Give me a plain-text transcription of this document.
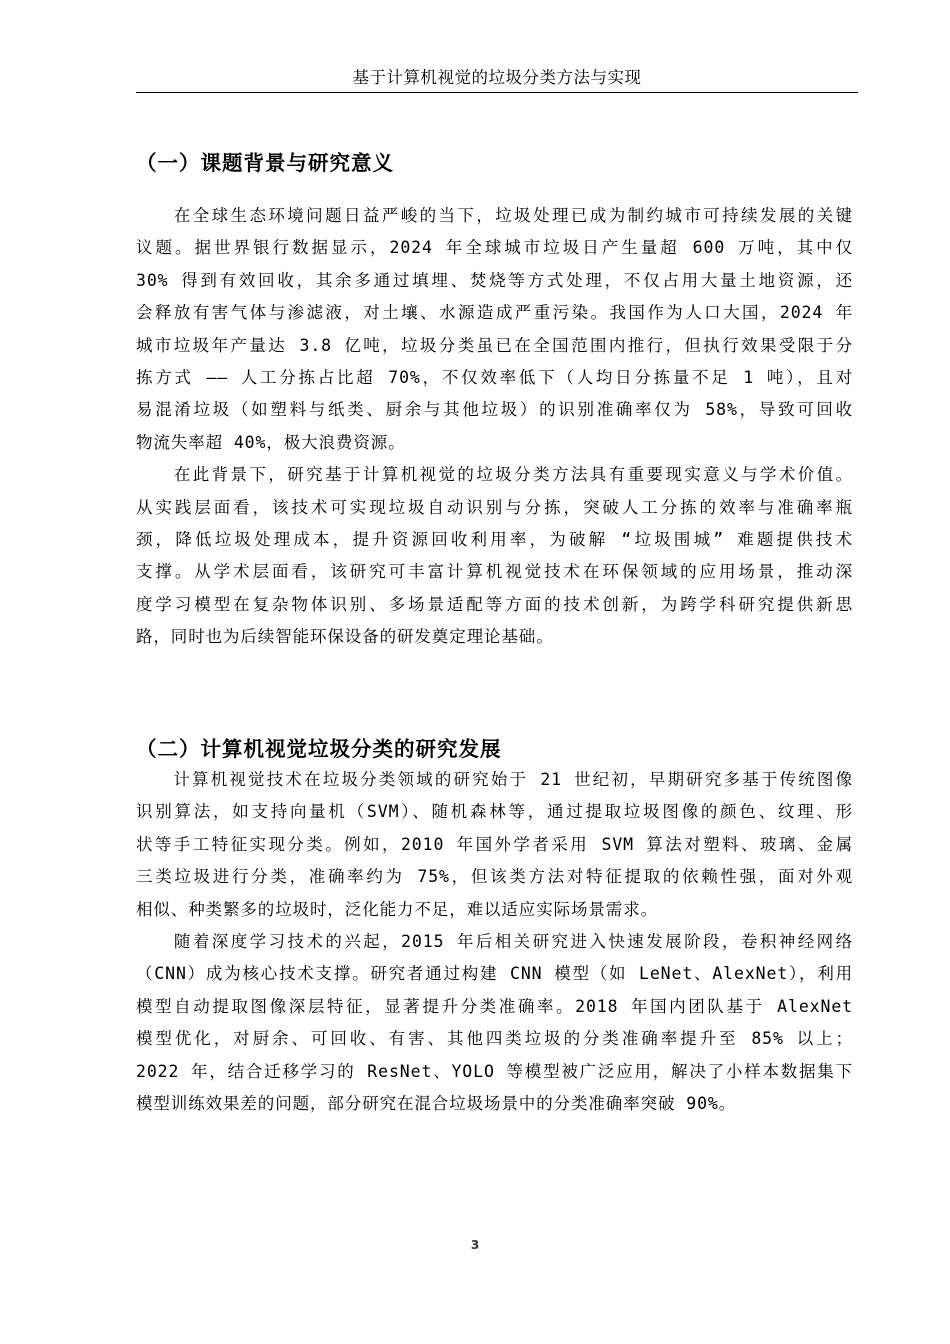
基于计算机视觉的垃圾分类方法与实现
（一）课题背景与研究意义
　　在全球生态环境问题日益严峻的当下，垃圾处理已成为制约城市可持续发展的关键
议题。据世界银行数据显示，2024 年全球城市垃圾日产生量超 600 万吨，其中仅
30% 得到有效回收，其余多通过填埋、焚烧等方式处理，不仅占用大量土地资源，还
会释放有害气体与渗滤液，对土壤、水源造成严重污染。我国作为人口大国，2024 年
城市垃圾年产量达 3.8 亿吨，垃圾分类虽已在全国范围内推行，但执行效果受限于分
拣方式 —— 人工分拣占比超 70%，不仅效率低下（人均日分拣量不足 1 吨），且对
易混淆垃圾（如塑料与纸类、厨余与其他垃圾）的识别准确率仅为 58%，导致可回收
物流失率超 40%，极大浪费资源。
　　在此背景下，研究基于计算机视觉的垃圾分类方法具有重要现实意义与学术价值。
从实践层面看，该技术可实现垃圾自动识别与分拣，突破人工分拣的效率与准确率瓶
颈，降低垃圾处理成本，提升资源回收利用率，为破解 “垃圾围城” 难题提供技术
支撑。从学术层面看，该研究可丰富计算机视觉技术在环保领域的应用场景，推动深
度学习模型在复杂物体识别、多场景适配等方面的技术创新，为跨学科研究提供新思
路，同时也为后续智能环保设备的研发奠定理论基础。
（二）计算机视觉垃圾分类的研究发展
　　计算机视觉技术在垃圾分类领域的研究始于 21 世纪初，早期研究多基于传统图像
识别算法，如支持向量机（SVM）、随机森林等，通过提取垃圾图像的颜色、纹理、形
状等手工特征实现分类。例如，2010 年国外学者采用 SVM 算法对塑料、玻璃、金属
三类垃圾进行分类，准确率约为 75%，但该类方法对特征提取的依赖性强，面对外观
相似、种类繁多的垃圾时，泛化能力不足，难以适应实际场景需求。
　　随着深度学习技术的兴起，2015 年后相关研究进入快速发展阶段，卷积神经网络
（CNN）成为核心技术支撑。研究者通过构建 CNN 模型（如 LeNet、AlexNet），利用
模型自动提取图像深层特征，显著提升分类准确率。2018 年国内团队基于 AlexNet
模型优化，对厨余、可回收、有害、其他四类垃圾的分类准确率提升至 85% 以上；
2022 年，结合迁移学习的 ResNet、YOLO 等模型被广泛应用，解决了小样本数据集下
模型训练效果差的问题，部分研究在混合垃圾场景中的分类准确率突破 90%。
3
